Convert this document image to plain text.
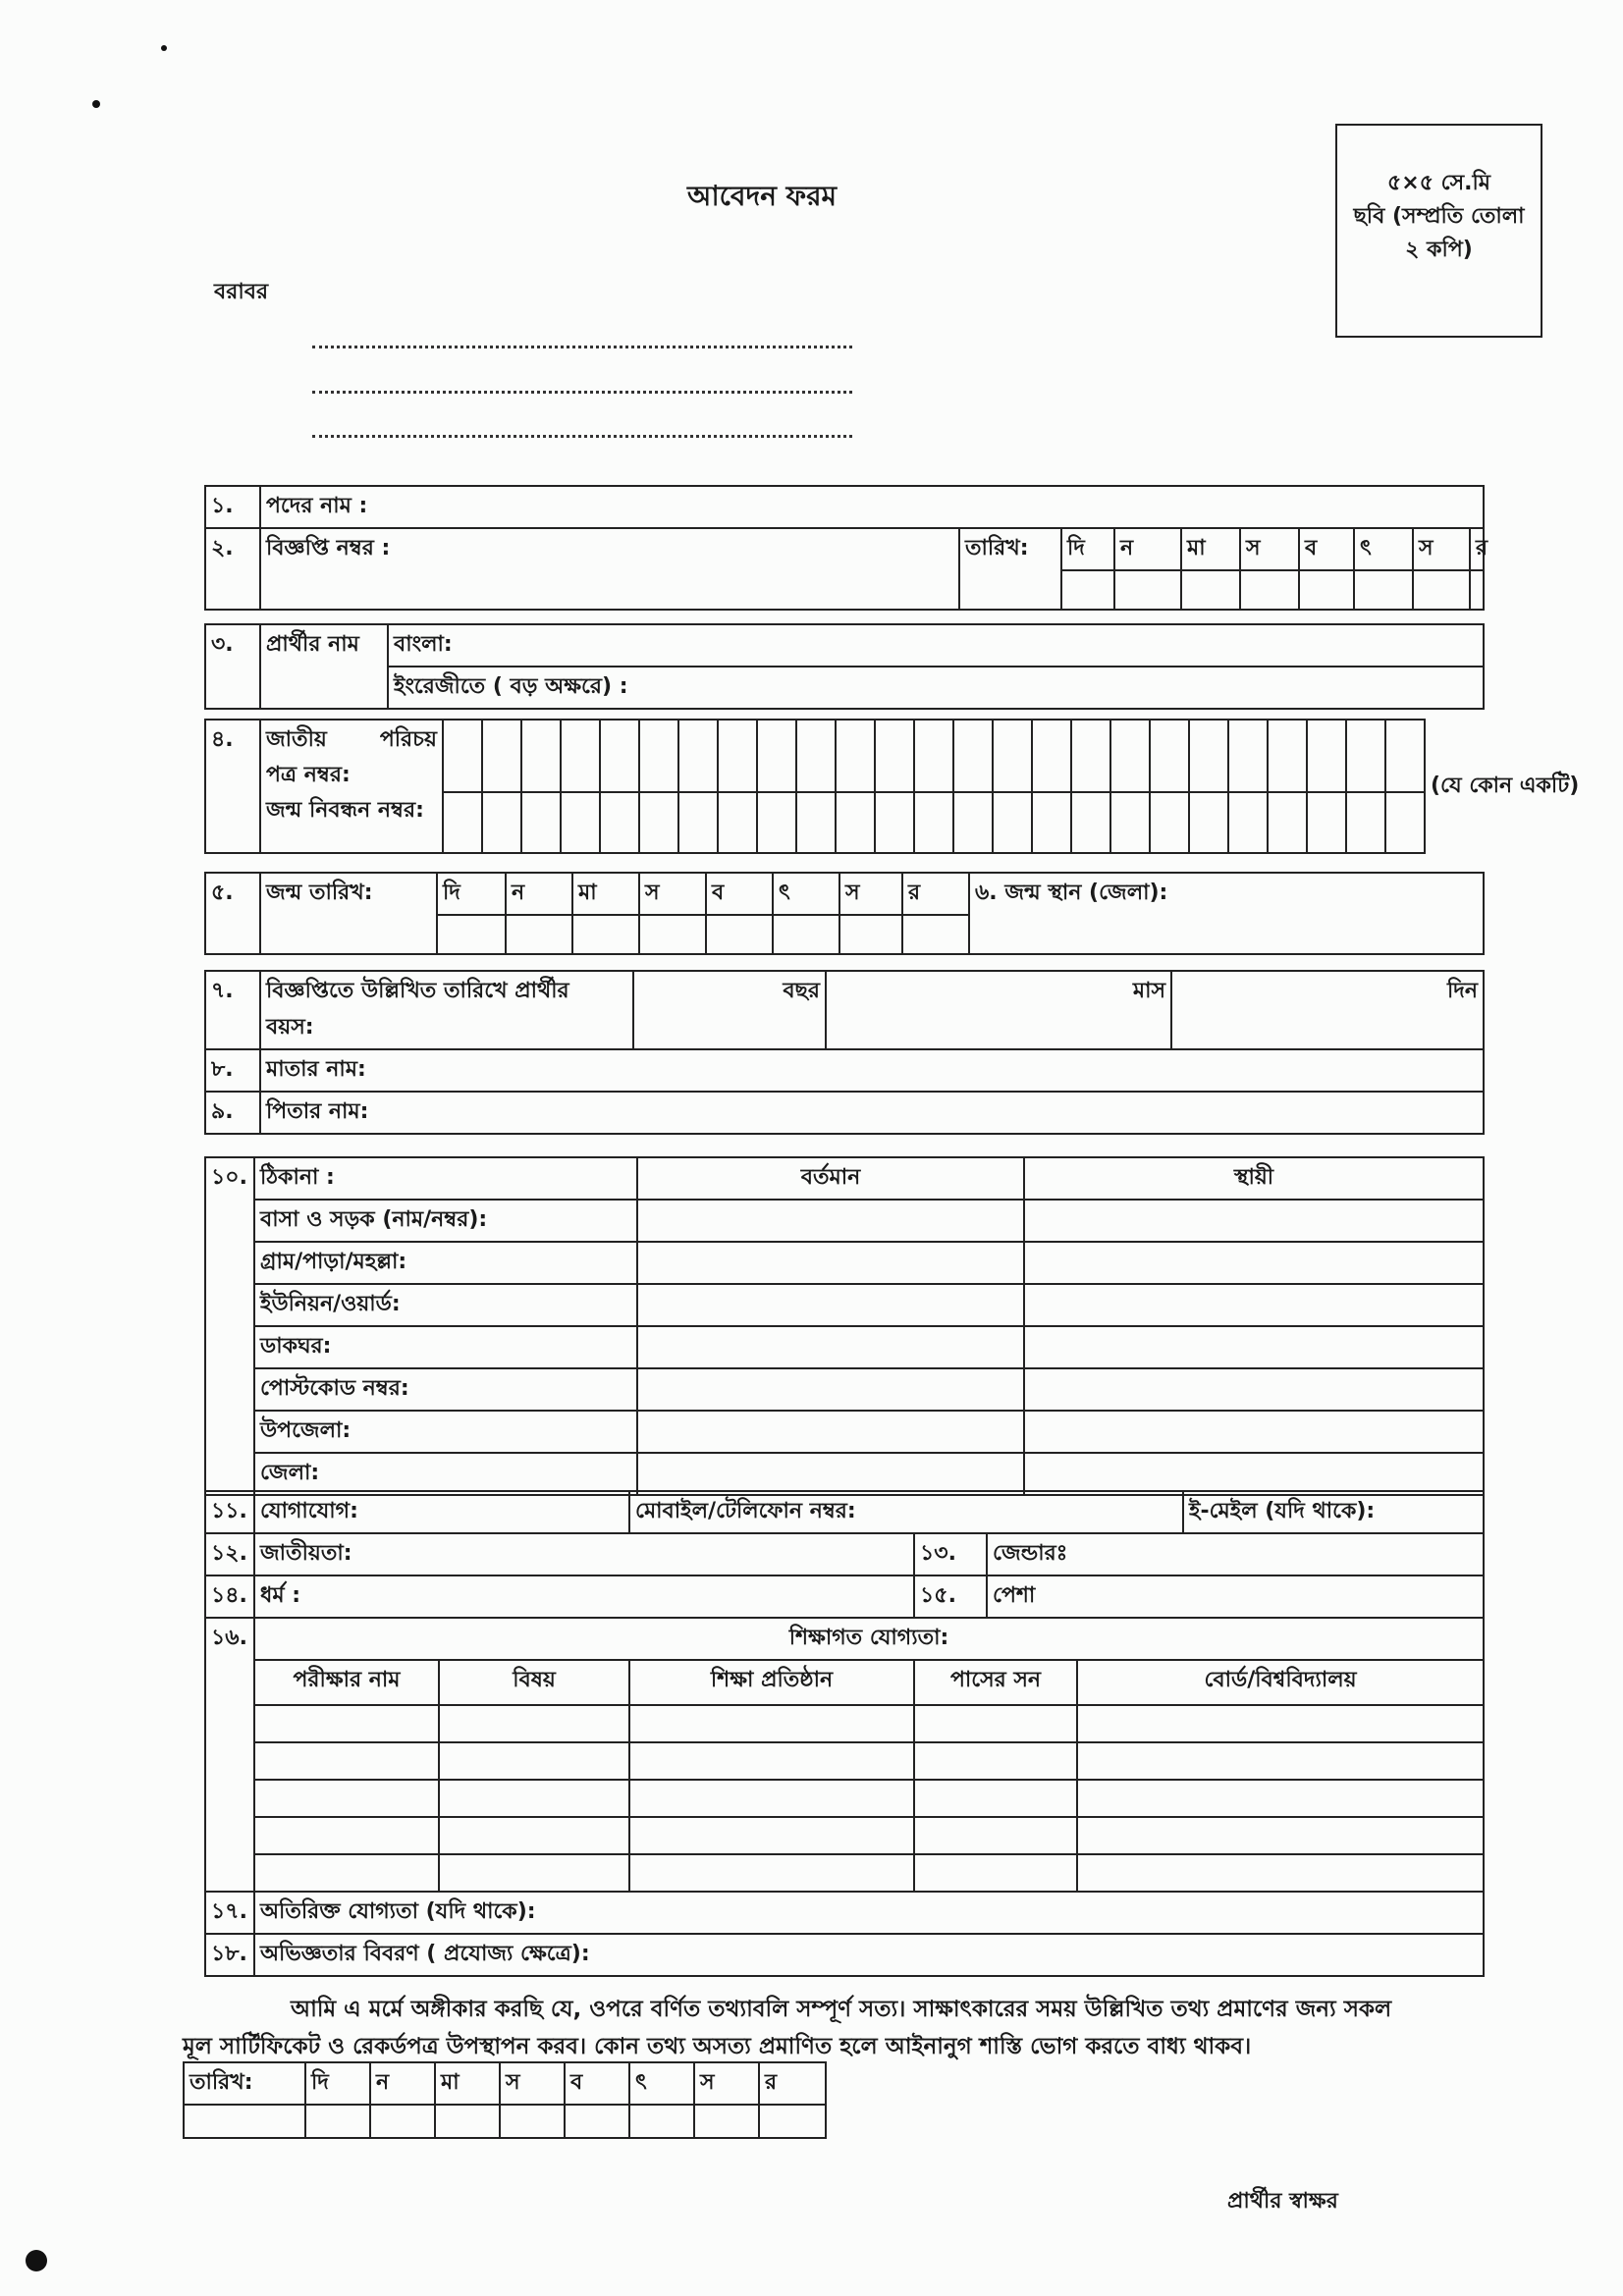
আবেদন ফরম	৫×৫ সে.মি
ছবি (সম্প্রতি তোলা
২ কপি)
বরাবর
১.	পদের নাম :									
২.	বিজ্ঞপ্তি নম্বর :	তারিখ:	দি	ন	মা	স	ব	ৎ	স	র

৩.	প্রার্থীর নাম	বাংলা:
ইংরেজীতে ( বড় অক্ষরে) :
৪.	জাতীয় পরিচয়
পত্র নম্বর:
জন্ম নিবন্ধন নম্বর:																										(যে কোন একটি)

৫.	জন্ম তারিখ:	দি	ন	মা	স	ব	ৎ	স	র	৬. জন্ম স্থান (জেলা):

৭.	বিজ্ঞপ্তিতে উল্লিখিত তারিখে প্রার্থীর
বয়স:	বছর	মাস	দিন
৮.	মাতার নাম:			
৯.	পিতার নাম:			
১০.	ঠিকানা :	বর্তমান	স্থায়ী
	বাসা ও সড়ক (নাম/নম্বর):		
	গ্রাম/পাড়া/মহল্লা:		
	ইউনিয়ন/ওয়ার্ড:		
	ডাকঘর:		
	পোস্টকোড নম্বর:		
	উপজেলা:		
	জেলা:		
১১.	যোগাযোগ:		মোবাইল/টেলিফোন নম্বর:				ই-মেইল (যদি থাকে):	
১২.	জাতীয়তা:			১৩.	জেন্ডারঃ			
১৪.	ধর্ম :			১৫.	পেশা			
১৬.	শিক্ষাগত যোগ্যতা:							
	পরীক্ষার নাম	বিষয়	শিক্ষা প্রতিষ্ঠান	পাসের সন		বোর্ড/বিশ্ববিদ্যালয়	

১৭.	অতিরিক্ত যোগ্যতা (যদি থাকে):							
১৮.	অভিজ্ঞতার বিবরণ ( প্রযোজ্য ক্ষেত্রে):							
আমি এ মর্মে অঙ্গীকার করছি যে, ওপরে বর্ণিত তথ্যাবলি সম্পূর্ণ সত্য। সাক্ষাৎকারের সময় উল্লিখিত তথ্য প্রমাণের জন্য সকল
মূল সার্টিফিকেট ও রেকর্ডপত্র উপস্থাপন করব। কোন তথ্য অসত্য প্রমাণিত হলে আইনানুগ শাস্তি ভোগ করতে বাধ্য থাকব।
তারিখ:	দি	ন	মা	স	ব	ৎ	স	র

প্রার্থীর স্বাক্ষর
